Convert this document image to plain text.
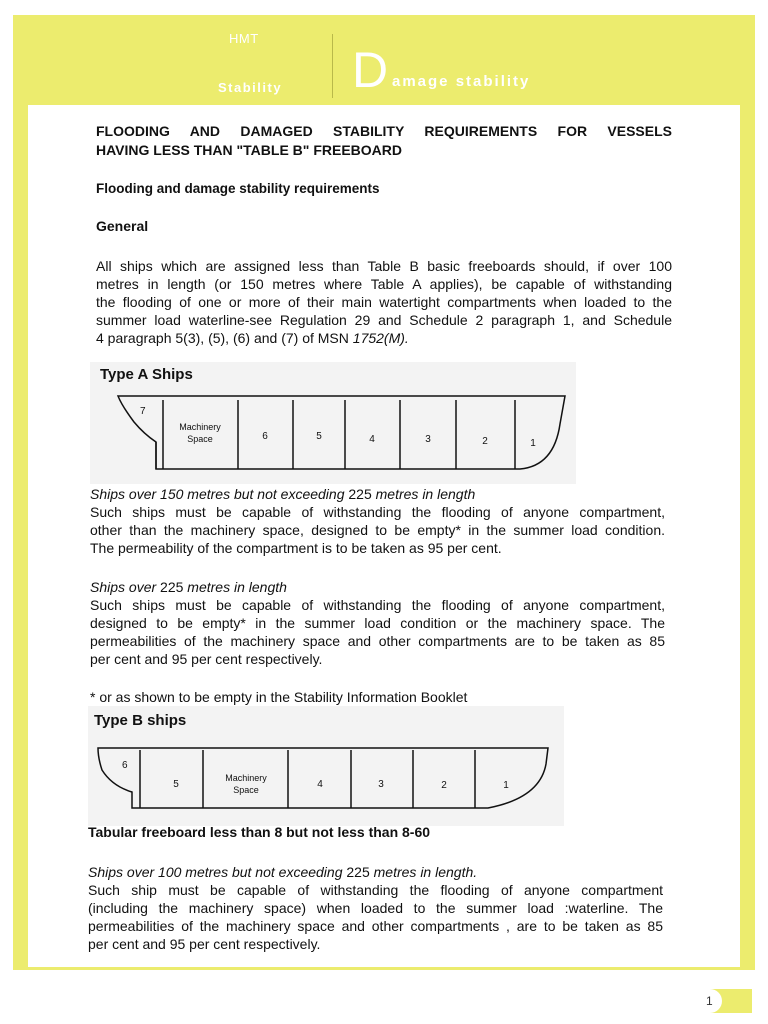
HMT
Stability D amage stability
FLOODING AND DAMAGED STABILITY REQUIREMENTS FOR VESSELS
HAVING LESS THAN "TABLE B" FREEBOARD
Flooding and damage stability requirements
General
All ships which are assigned less than Table B basic freeboards should, if over 100
metres in length (or 150 metres where Table A applies), be capable of withstanding
the flooding of one or more of their main watertight compartments when loaded to the
summer load waterline-see Regulation 29 and Schedule 2 paragraph 1, and Schedule
4 paragraph 5(3), (5), (6) and (7) of MSN 1752(M).
Type A Ships
7
Machinery
Space	6	5	4	3	2	1
Ships over 150 metres but not exceeding 225 metres in length
Such ships must be capable of withstanding the flooding of anyone compartment,
other than the machinery space, designed to be empty* in the summer load condition.
The permeability of the compartment is to be taken as 95 per cent.
Ships over 225 metres in length
Such ships must be capable of withstanding the flooding of anyone compartment,
designed to be empty* in the summer load condition or the machinery space. The
permeabilities of the machinery space and other compartments are to be taken as 85
per cent and 95 per cent respectively.
* or as shown to be empty in the Stability Information Booklet
Type B ships
6
5
Machinery
Space	4	3	2	1
Tabular freeboard less than 8 but not less than 8-60
Ships over 100 metres but not exceeding 225 metres in length.
Such ship must be capable of withstanding the flooding of anyone compartment
(including the machinery space) when loaded to the summer load :waterline. The
permeabilities of the machinery space and other compartments , are to be taken as 85
per cent and 95 per cent respectively.
1
